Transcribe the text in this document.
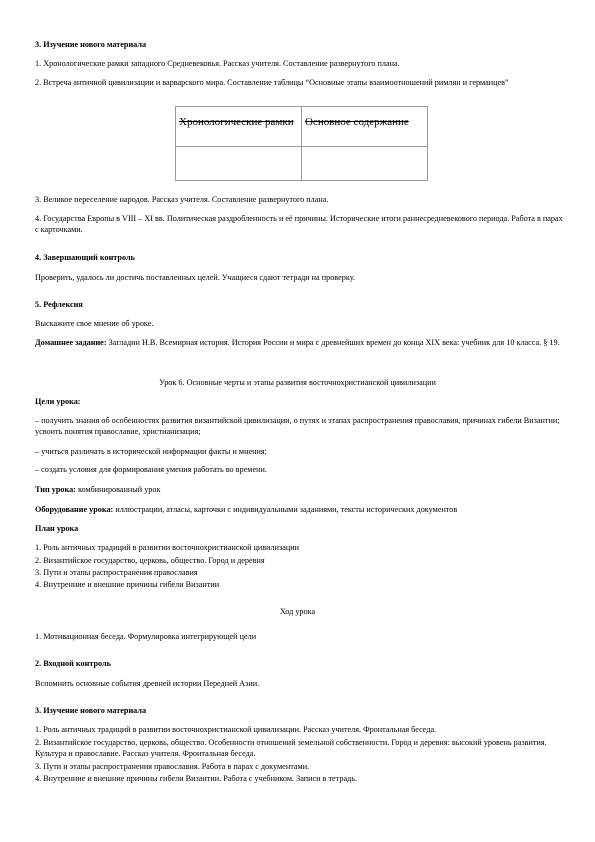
3. Изучение нового материала

1. Хронологические рамки западного Средневековья. Рассказ учителя. Составление развернутого плана.

2. Встреча античной цивилизации и варварского мира. Составление таблицы “Основные этапы взаимоотношений римлян и германцев”

Хронологические рамки	Основное содержание

3. Великое переселение народов. Рассказ учителя. Составление развернутого плана.

4. Государства Европы в VIII – XI вв. Политическая раздробленность и её причины. Исторические итоги раннесредневекового периода. Работа в парах с карточками.

4. Завершающий контроль

Проверить, удалось ли достичь поставленных целей. Учащиеся сдают тетради на проверку.

5. Рефлексия

Выскажите свое мнение об уроке.

Домашнее задание: Загладин Н.В. Всемирная история. История России и мира с древнейших времен до конца XIX века: учебник для 10 класса. § 19.

Урок 6. Основные черты и этапы развития восточнохристианской цивилизации

Цели урока:

– получить знания об особенностях развития византийской цивилизации, о путях и этапах распространения православия, причинах гибели Византии; усвоить понятия православие, христианизация;

– учиться различать в исторической информации факты и мнения;

– создать условия для формирования умения работать во времени.

Тип урока: комбинированный урок

Оборудование урока: иллюстрации, атласы, карточки с индивидуальными заданиями, тексты исторических документов

План урока

1. Роль античных традиций в развитии восточнохристианской цивилизации

2. Византийское государство, церковь, общество. Город и деревня

3. Пути и этапы распространения православия

4. Внутренние и внешние причины гибели Византии

Ход урока

1. Мотивационная беседа. Формулировка интегрирующей цели

2. Входной контроль

Вспомнить основные события древней истории Передней Азии.

3. Изучение нового материала

1. Роль античных традиций в развитии восточнохристианской цивилизации. Рассказ учителя. Фронтальная беседа.

2. Византийское государство, церковь, общество. Особенности отношений земельной собственности. Город и деревня: высокий уровень развития. Культура и православие. Рассказ учителя. Фронтальная беседа.

3. Пути и этапы распространения православия. Работа в парах с документами.

4. Внутренние и внешние причины гибели Византии. Работа с учебником. Записи в тетрадь.
